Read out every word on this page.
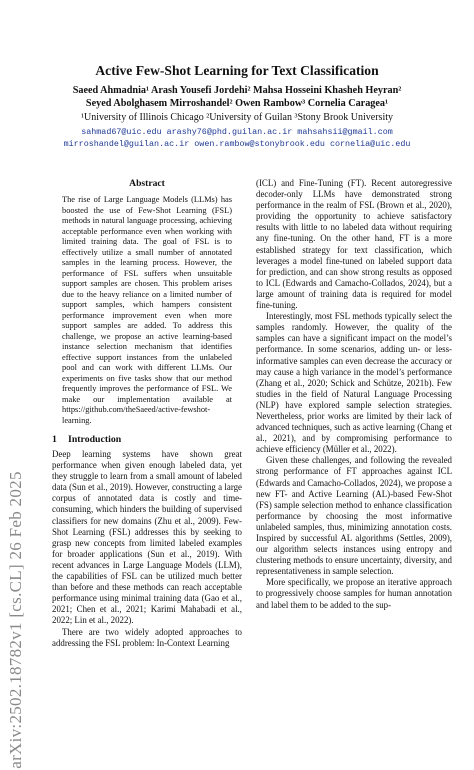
arXiv:2502.18782v1 [cs.CL] 26 Feb 2025
Active Few-Shot Learning for Text Classification
Saeed Ahmadnia¹ Arash Yousefi Jordehi² Mahsa Hosseini Khasheh Heyran²
Seyed Abolghasem Mirroshandel² Owen Rambow³ Cornelia Caragea¹
¹University of Illinois Chicago ²University of Guilan ³Stony Brook University
sahmad67@uic.edu arashy76@phd.guilan.ac.ir mahsahsii@gmail.com
mirroshandel@guilan.ac.ir owen.rambow@stonybrook.edu cornelia@uic.edu
Abstract
The rise of Large Language Models (LLMs) has boosted the use of Few-Shot Learning (FSL) methods in natural language processing, achieving acceptable performance even when working with limited training data. The goal of FSL is to effectively utilize a small number of annotated samples in the learning process. However, the performance of FSL suffers when unsuitable support samples are chosen. This problem arises due to the heavy reliance on a limited number of support samples, which hampers consistent performance improvement even when more support samples are added. To address this challenge, we propose an active learning-based instance selection mechanism that identifies effective support instances from the unlabeled pool and can work with different LLMs. Our experiments on five tasks show that our method frequently improves the performance of FSL. We make our implementation available at https://github.com/theSaeed/active-fewshot-learning.
1 Introduction

Deep learning systems have shown great performance when given enough labeled data, yet they struggle to learn from a small amount of labeled data (Sun et al., 2019). However, constructing a large corpus of annotated data is costly and time-consuming, which hinders the building of supervised classifiers for new domains (Zhu et al., 2009). Few-Shot Learning (FSL) addresses this by seeking to grasp new concepts from limited labeled examples for broader applications (Sun et al., 2019). With recent advances in Large Language Models (LLM), the capabilities of FSL can be utilized much better than before and these methods can reach acceptable performance using minimal training data (Gao et al., 2021; Chen et al., 2021; Karimi Mahabadi et al., 2022; Lin et al., 2022).

There are two widely adopted approaches to addressing the FSL problem: In-Context Learning

(ICL) and Fine-Tuning (FT). Recent autoregressive decoder-only LLMs have demonstrated strong performance in the realm of FSL (Brown et al., 2020), providing the opportunity to achieve satisfactory results with little to no labeled data without requiring any fine-tuning. On the other hand, FT is a more established strategy for text classification, which leverages a model fine-tuned on labeled support data for prediction, and can show strong results as opposed to ICL (Edwards and Camacho-Collados, 2024), but a large amount of training data is required for model fine-tuning.

Interestingly, most FSL methods typically select the samples randomly. However, the quality of the samples can have a significant impact on the model’s performance. In some scenarios, adding un- or less-informative samples can even decrease the accuracy or may cause a high variance in the model’s performance (Zhang et al., 2020; Schick and Schütze, 2021b). Few studies in the field of Natural Language Processing (NLP) have explored sample selection strategies. Nevertheless, prior works are limited by their lack of advanced techniques, such as active learning (Chang et al., 2021), and by compromising performance to achieve efficiency (Müller et al., 2022).

Given these challenges, and following the revealed strong performance of FT approaches against ICL (Edwards and Camacho-Collados, 2024), we propose a new FT- and Active Learning (AL)-based Few-Shot (FS) sample selection method to enhance classification performance by choosing the most informative unlabeled samples, thus, minimizing annotation costs. Inspired by successful AL algorithms (Settles, 2009), our algorithm selects instances using entropy and clustering methods to ensure uncertainty, diversity, and representativeness in sample selection.

More specifically, we propose an iterative approach to progressively choose samples for human annotation and label them to be added to the sup-
